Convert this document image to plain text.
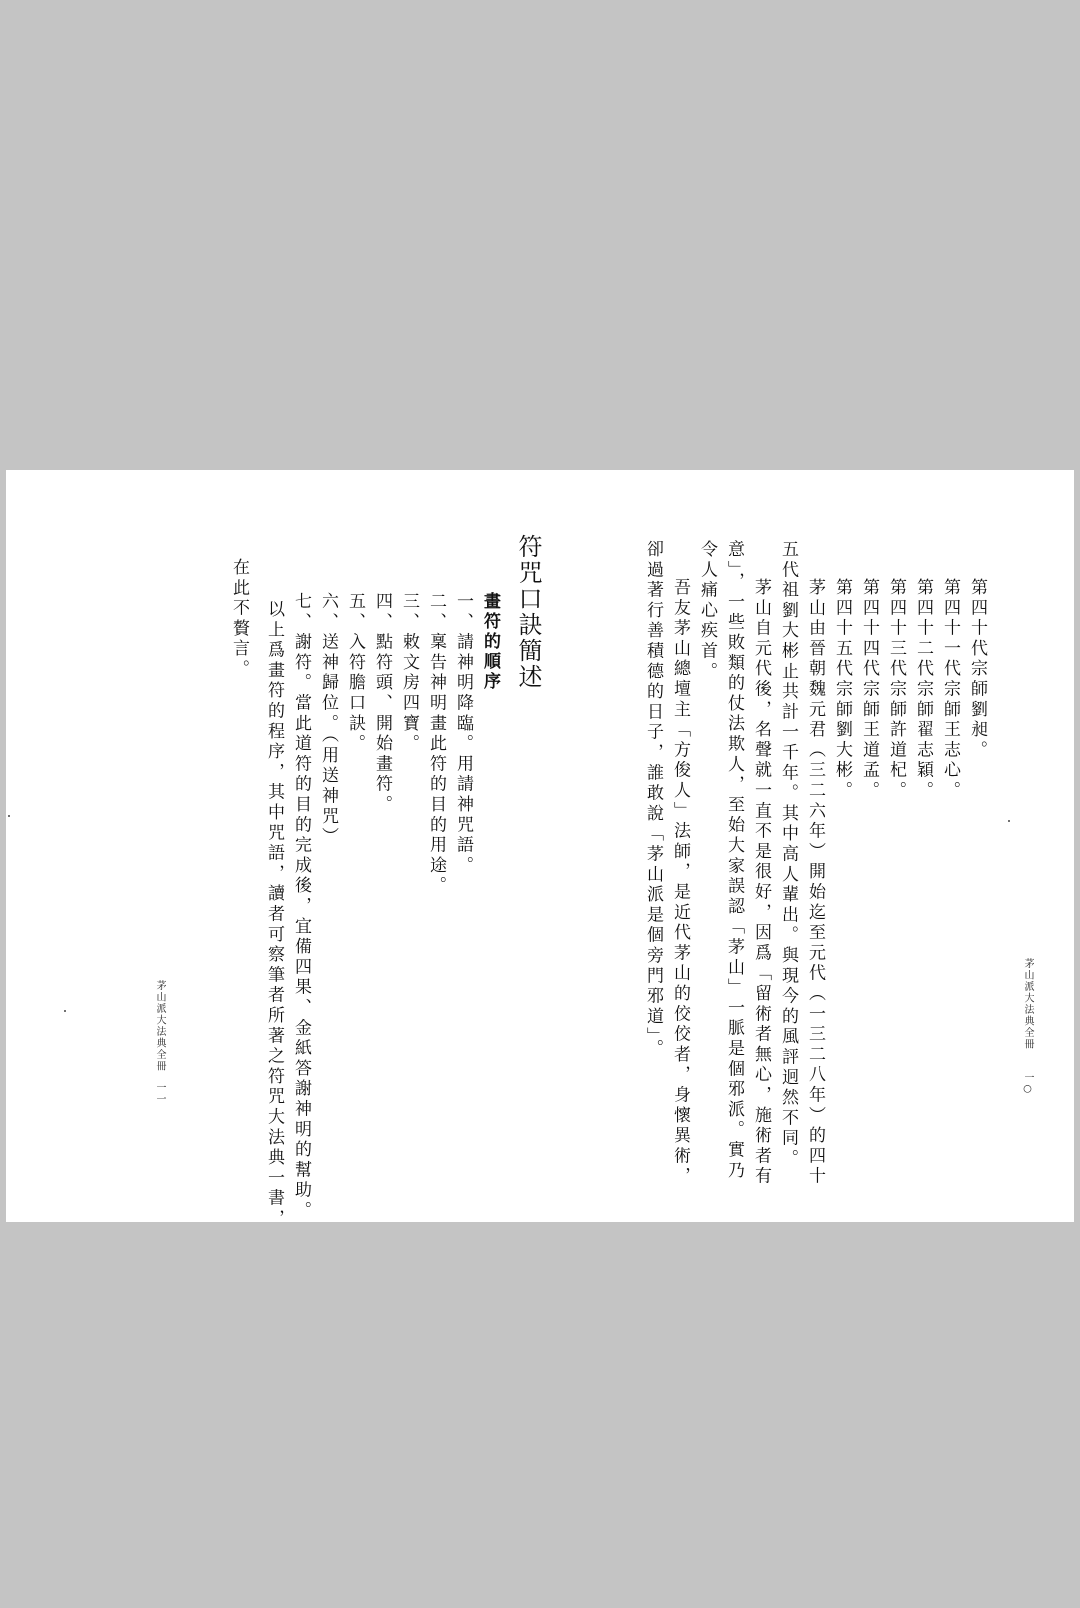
第四十代宗師劉昶。
第四十一代宗師王志心。
第四十二代宗師翟志穎。
第四十三代宗師許道杞。
第四十四代宗師王道孟。
第四十五代宗師劉大彬。
茅山由晉朝魏元君（三二六年）開始迄至元代（一三二八年）的四十
五代祖劉大彬止共計一千年。其中高人輩出。與現今的風評迥然不同。
茅山自元代後，名聲就一直不是很好，因爲「留術者無心，施術者有
意」，一些敗類的仗法欺人，至始大家誤認「茅山」一脈是個邪派。實乃
令人痛心疾首。
吾友茅山總壇主「方俊人」法師，是近代茅山的佼佼者，身懷異術，
卻過著行善積德的日子，誰敢說「茅山派是個旁門邪道」。	茅山派大法典全冊
一○
符咒口訣簡述
畫符的順序
一、請神明降臨。用請神咒語。
二、稟告神明畫此符的目的用途。
三、敕文房四寶。
四、點符頭、開始畫符。
五、入符膽口訣。
六、送神歸位。（用送神咒）
七、謝符。當此道符的目的完成後，宜備四果、金紙答謝神明的幫助。
以上爲畫符的程序，其中咒語，讀者可察筆者所著之符咒大法典一書，
在此不贅言。
茅山派大法典全冊
一一
